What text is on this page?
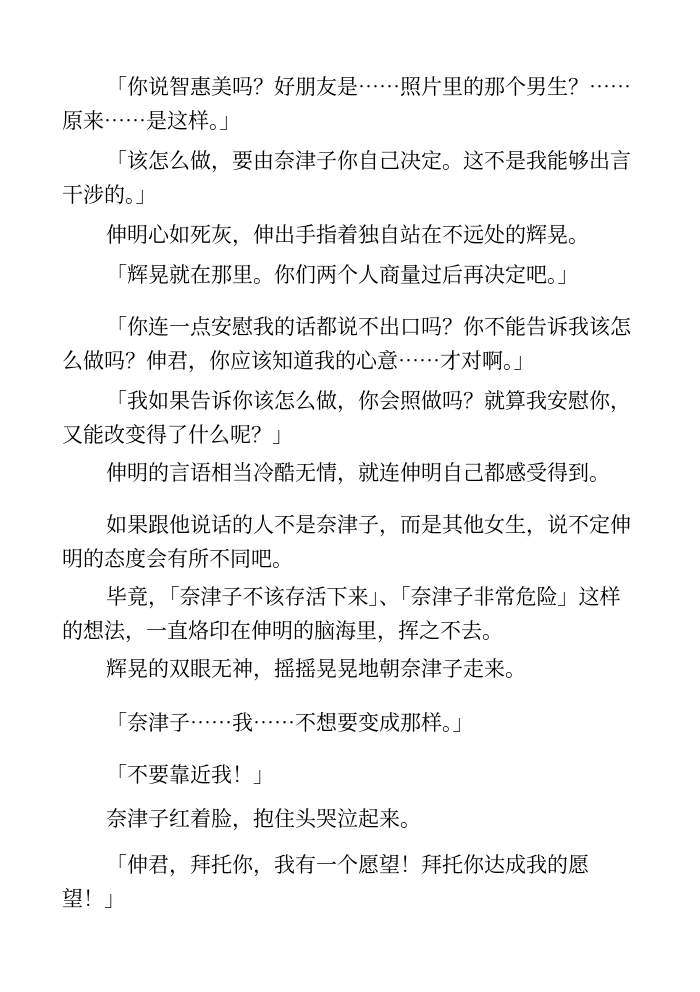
「你说智惠美吗？好朋友是⋯⋯照片里的那个男生？⋯⋯原来⋯⋯是这样。」

「该怎么做，要由奈津子你自己决定。这不是我能够出言干涉的。」

伸明心如死灰，伸出手指着独自站在不远处的辉晃。

「辉晃就在那里。你们两个人商量过后再决定吧。」

「你连一点安慰我的话都说不出口吗？你不能告诉我该怎么做吗？伸君，你应该知道我的心意⋯⋯才对啊。」

「我如果告诉你该怎么做，你会照做吗？就算我安慰你，又能改变得了什么呢？」

伸明的言语相当冷酷无情，就连伸明自己都感受得到。

如果跟他说话的人不是奈津子，而是其他女生，说不定伸明的态度会有所不同吧。

毕竟，「奈津子不该存活下来」、「奈津子非常危险」这样的想法，一直烙印在伸明的脑海里，挥之不去。

辉晃的双眼无神，摇摇晃晃地朝奈津子走来。

「奈津子⋯⋯我⋯⋯不想要变成那样。」

「不要靠近我！」

奈津子红着脸，抱住头哭泣起来。

「伸君，拜托你，我有一个愿望！拜托你达成我的愿望！」
